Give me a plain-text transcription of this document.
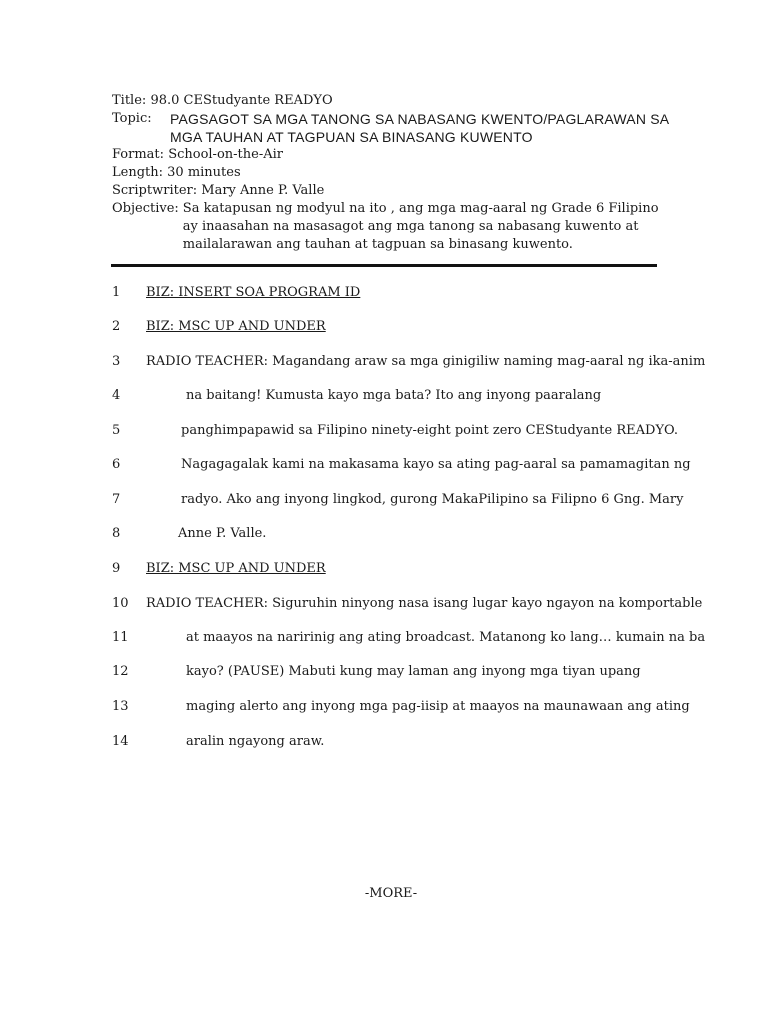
Title: 98.0 CEStudyante READYO
Topic:	PAGSAGOT SA MGA TANONG SA NABASANG KWENTO/PAGLARAWAN SA
MGA TAUHAN AT TAGPUAN SA BINASANG KUWENTO
Format: School-on-the-Air
Length: 30 minutes
Scriptwriter: Mary Anne P. Valle
Objective: Sa katapusan ng modyul na ito , ang mga mag-aaral ng Grade 6 Filipino
ay inaasahan na masasagot ang mga tanong sa nabasang kuwento at
mailalarawan ang tauhan at tagpuan sa binasang kuwento.
1	BIZ: INSERT SOA PROGRAM ID
2	BIZ: MSC UP AND UNDER
3	RADIO TEACHER: Magandang araw sa mga ginigiliw naming mag-aaral ng ika-anim
4	na baitang! Kumusta kayo mga bata? Ito ang inyong paaralang
5	panghimpapawid sa Filipino ninety-eight point zero CEStudyante READYO.
6	Nagagagalak kami na makasama kayo sa ating pag-aaral sa pamamagitan ng
7	radyo. Ako ang inyong lingkod, gurong MakaPilipino sa Filipno 6 Gng. Mary
8	Anne P. Valle.
9	BIZ: MSC UP AND UNDER
10	RADIO TEACHER: Siguruhin ninyong nasa isang lugar kayo ngayon na komportable
11	at maayos na naririnig ang ating broadcast. Matanong ko lang… kumain na ba
12	kayo? (PAUSE) Mabuti kung may laman ang inyong mga tiyan upang
13	maging alerto ang inyong mga pag-iisip at maayos na maunawaan ang ating
14	aralin ngayong araw.
-MORE-
